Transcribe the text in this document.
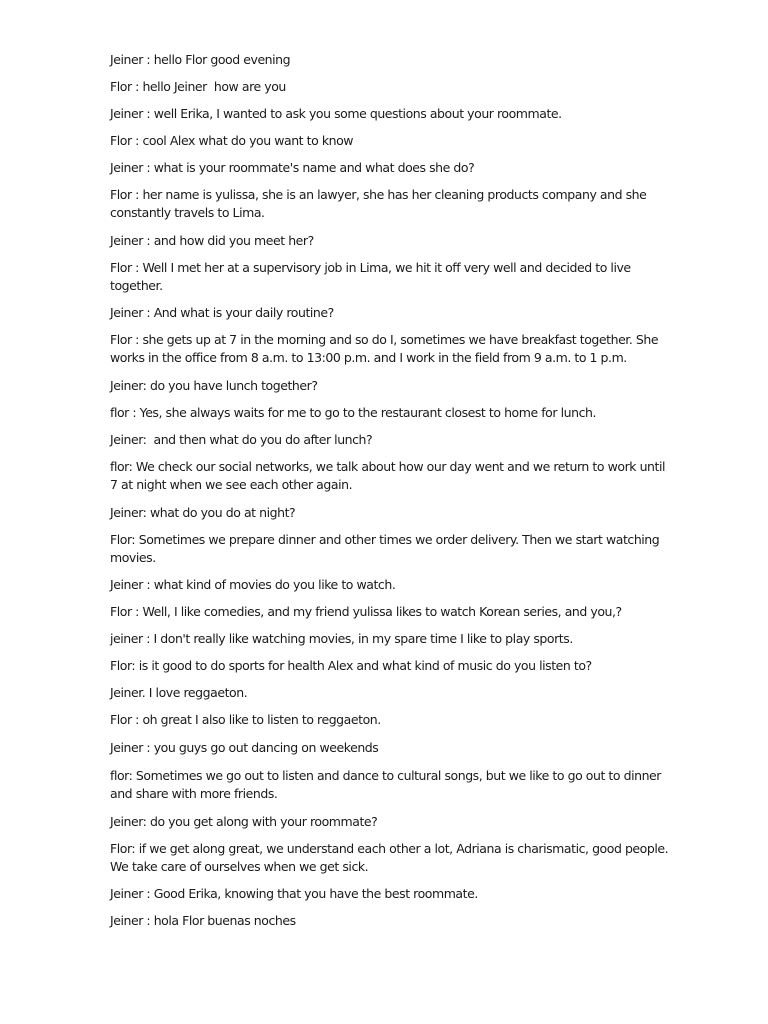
Jeiner : hello Flor good evening

Flor : hello Jeiner  how are you

Jeiner : well Erika, I wanted to ask you some questions about your roommate.

Flor : cool Alex what do you want to know

Jeiner : what is your roommate's name and what does she do?

Flor : her name is yulissa, she is an lawyer, she has her cleaning products company and she constantly travels to Lima.

Jeiner : and how did you meet her?

Flor : Well I met her at a supervisory job in Lima, we hit it off very well and decided to live together.

Jeiner : And what is your daily routine?

Flor : she gets up at 7 in the morning and so do I, sometimes we have breakfast together. She works in the office from 8 a.m. to 13:00 p.m. and I work in the field from 9 a.m. to 1 p.m.

Jeiner: do you have lunch together?

flor : Yes, she always waits for me to go to the restaurant closest to home for lunch.

Jeiner:  and then what do you do after lunch?

flor: We check our social networks, we talk about how our day went and we return to work until 7 at night when we see each other again.

Jeiner: what do you do at night?

Flor: Sometimes we prepare dinner and other times we order delivery. Then we start watching movies.

Jeiner : what kind of movies do you like to watch.

Flor : Well, I like comedies, and my friend yulissa likes to watch Korean series, and you,?

jeiner : I don't really like watching movies, in my spare time I like to play sports.

Flor: is it good to do sports for health Alex and what kind of music do you listen to?

Jeiner. I love reggaeton.

Flor : oh great I also like to listen to reggaeton.

Jeiner : you guys go out dancing on weekends

flor: Sometimes we go out to listen and dance to cultural songs, but we like to go out to dinner and share with more friends.

Jeiner: do you get along with your roommate?

Flor: if we get along great, we understand each other a lot, Adriana is charismatic, good people. We take care of ourselves when we get sick.

Jeiner : Good Erika, knowing that you have the best roommate.

Jeiner : hola Flor buenas noches
